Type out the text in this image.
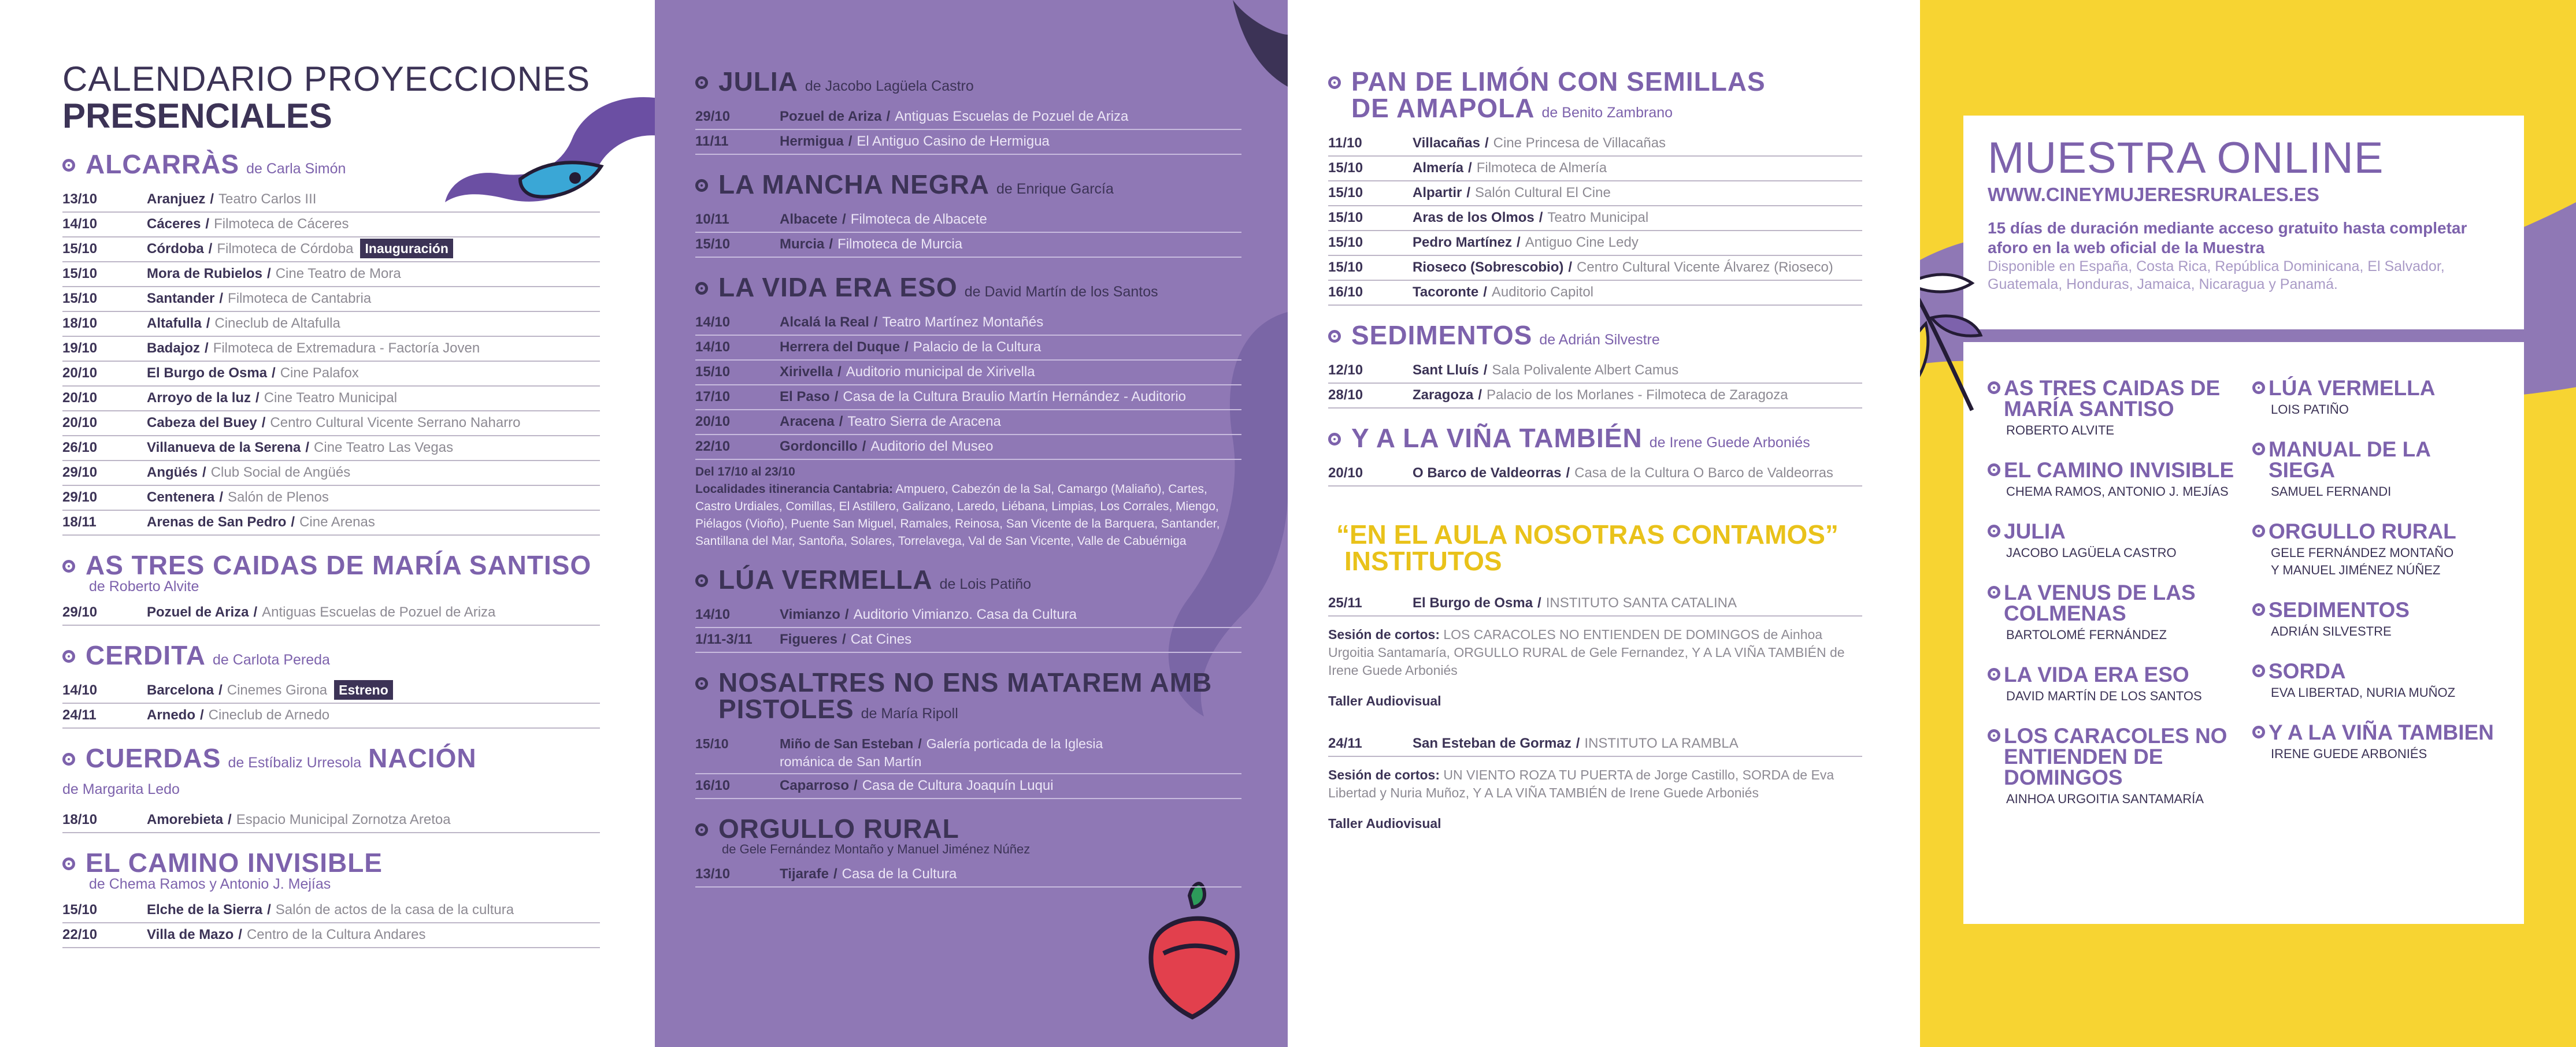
CALENDARIO PROYECCIONES
PRESENCIALES
ALCARRÀS de Carla Simón
13/10	Aranjuez / Teatro Carlos III
14/10	Cáceres / Filmoteca de Cáceres
15/10	Córdoba / Filmoteca de Córdoba Inauguración
15/10	Mora de Rubielos / Cine Teatro de Mora
15/10	Santander / Filmoteca de Cantabria
18/10	Altafulla / Cineclub de Altafulla
19/10	Badajoz / Filmoteca de Extremadura - Factoría Joven
20/10	El Burgo de Osma / Cine Palafox
20/10	Arroyo de la luz / Cine Teatro Municipal
20/10	Cabeza del Buey / Centro Cultural Vicente Serrano Naharro
26/10	Villanueva de la Serena / Cine Teatro Las Vegas
29/10	Angüés / Club Social de Angüés
29/10	Centenera / Salón de Plenos
18/11	Arenas de San Pedro / Cine Arenas
AS TRES CAIDAS DE MARÍA SANTISO
de Roberto Alvite
29/10	Pozuel de Ariza / Antiguas Escuelas de Pozuel de Ariza
CERDITA de Carlota Pereda
14/10	Barcelona / Cinemes Girona Estreno
24/11	Arnedo / Cineclub de Arnedo
CUERDAS de Estíbaliz Urresola NACIÓN
de Margarita Ledo
18/10	Amorebieta / Espacio Municipal Zornotza Aretoa
EL CAMINO INVISIBLE
de Chema Ramos y Antonio J. Mejías
15/10	Elche de la Sierra / Salón de actos de la casa de la cultura
22/10	Villa de Mazo / Centro de la Cultura Andares
JULIA de Jacobo Lagüela Castro
29/10	Pozuel de Ariza / Antiguas Escuelas de Pozuel de Ariza
11/11	Hermigua / El Antiguo Casino de Hermigua
LA MANCHA NEGRA de Enrique García
10/11	Albacete / Filmoteca de Albacete
15/10	Murcia / Filmoteca de Murcia
LA VIDA ERA ESO de David Martín de los Santos
14/10	Alcalá la Real / Teatro Martínez Montañés
14/10	Herrera del Duque / Palacio de la Cultura
15/10	Xirivella / Auditorio municipal de Xirivella
17/10	El Paso / Casa de la Cultura Braulio Martín Hernández - Auditorio
20/10	Aracena / Teatro Sierra de Aracena
22/10	Gordoncillo / Auditorio del Museo
Del 17/10 al 23/10
Localidades itinerancia Cantabria: Ampuero, Cabezón de la Sal, Camargo (Maliaño), Cartes, Castro Urdiales, Comillas, El Astillero, Galizano, Laredo, Liébana, Limpias, Los Corrales, Miengo, Piélagos (Vioño), Puente San Miguel, Ramales, Reinosa, San Vicente de la Barquera, Santander, Santillana del Mar, Santoña, Solares, Torrelavega, Val de San Vicente, Valle de Cabuérniga
LÚA VERMELLA de Lois Patiño
14/10	Vimianzo / Auditorio Vimianzo. Casa da Cultura
1/11-3/11	Figueres / Cat Cines
NOSALTRES NO ENS MATAREM AMB
PISTOLES de María Ripoll
15/10	Miño de San Esteban / Galería porticada de la Iglesia
románica de San Martín
16/10	Caparroso / Casa de Cultura Joaquín Luqui
ORGULLO RURAL
de Gele Fernández Montaño y Manuel Jiménez Núñez
13/10	Tijarafe / Casa de la Cultura
PAN DE LIMÓN CON SEMILLAS
DE AMAPOLA de Benito Zambrano
11/10	Villacañas / Cine Princesa de Villacañas
15/10	Almería / Filmoteca de Almería
15/10	Alpartir / Salón Cultural El Cine
15/10	Aras de los Olmos / Teatro Municipal
15/10	Pedro Martínez / Antiguo Cine Ledy
15/10	Rioseco (Sobrescobio) / Centro Cultural Vicente Álvarez (Rioseco)
16/10	Tacoronte / Auditorio Capitol
SEDIMENTOS de Adrián Silvestre
12/10	Sant Lluís / Sala Polivalente Albert Camus
28/10	Zaragoza / Palacio de los Morlanes - Filmoteca de Zaragoza
Y A LA VIÑA TAMBIÉN de Irene Guede Arboniés
20/10	O Barco de Valdeorras / Casa de la Cultura O Barco de Valdeorras
“EN EL AULA NOSOTRAS CONTAMOS”
INSTITUTOS
25/11	El Burgo de Osma / INSTITUTO SANTA CATALINA
Sesión de cortos: LOS CARACOLES NO ENTIENDEN DE DOMINGOS de Ainhoa Urgoitia Santamaría, ORGULLO RURAL de Gele Fernandez, Y A LA VIÑA TAMBIÉN de Irene Guede Arboniés
Taller Audiovisual
24/11	San Esteban de Gormaz / INSTITUTO LA RAMBLA
Sesión de cortos: UN VIENTO ROZA TU PUERTA de Jorge Castillo, SORDA de Eva Libertad y Nuria Muñoz, Y A LA VIÑA TAMBIÉN de Irene Guede Arboniés
Taller Audiovisual
MUESTRA ONLINE
WWW.CINEYMUJERESRURALES.ES
15 días de duración mediante acceso gratuito hasta completar aforo en la web oficial de la Muestra
Disponible en España, Costa Rica, República Dominicana, El Salvador, Guatemala, Honduras, Jamaica, Nicaragua y Panamá.
AS TRES CAIDAS DE MARÍA SANTISO
ROBERTO ALVITE
EL CAMINO INVISIBLE
CHEMA RAMOS, ANTONIO J. MEJÍAS
JULIA
JACOBO LAGÜELA CASTRO
LA VENUS DE LAS COLMENAS
BARTOLOMÉ FERNÁNDEZ
LA VIDA ERA ESO
DAVID MARTÍN DE LOS SANTOS
LOS CARACOLES NO ENTIENDEN DE DOMINGOS
AINHOA URGOITIA SANTAMARÍA
LÚA VERMELLA
LOIS PATIÑO
MANUAL DE LA SIEGA
SAMUEL FERNANDI
ORGULLO RURAL
GELE FERNÁNDEZ MONTAÑO
Y MANUEL JIMÉNEZ NÚÑEZ
SEDIMENTOS
ADRIÁN SILVESTRE
SORDA
EVA LIBERTAD, NURIA MUÑOZ
Y A LA VIÑA TAMBIEN
IRENE GUEDE ARBONIÉS
